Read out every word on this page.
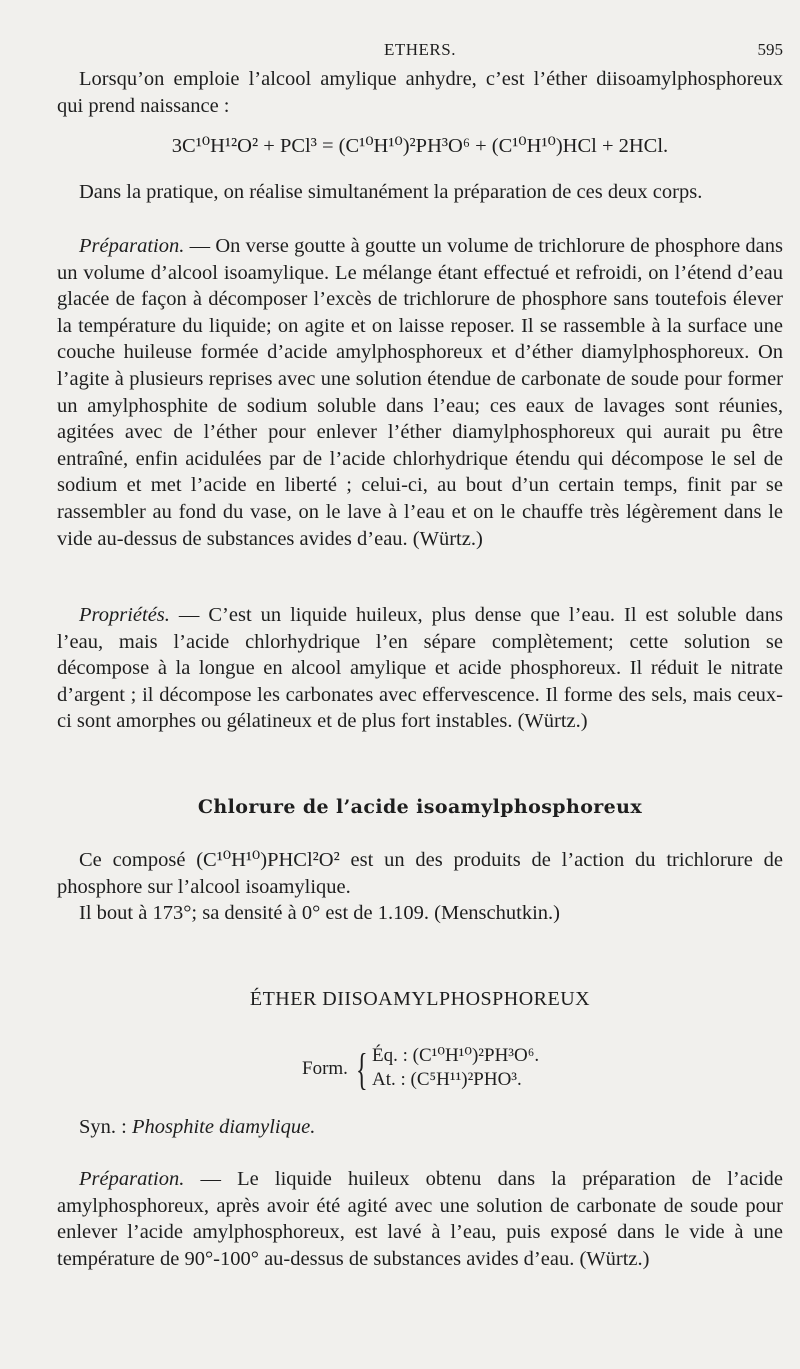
ETHERS.	595

Lorsqu’on emploie l’alcool amylique anhydre, c’est l’éther diisoamylphosphoreux qui prend naissance :

3C¹⁰H¹²O² + PCl³ = (C¹⁰H¹⁰)²PH³O⁶ + (C¹⁰H¹⁰)HCl + 2HCl.

Dans la pratique, on réalise simultanément la préparation de ces deux corps.

Préparation. — On verse goutte à goutte un volume de trichlorure de phosphore dans un volume d’alcool isoamylique. Le mélange étant effectué et refroidi, on l’étend d’eau glacée de façon à décomposer l’excès de trichlorure de phosphore sans toutefois élever la température du liquide; on agite et on laisse reposer. Il se rassemble à la surface une couche huileuse formée d’acide amylphosphoreux et d’éther diamylphosphoreux. On l’agite à plusieurs reprises avec une solution étendue de carbonate de soude pour former un amylphosphite de sodium soluble dans l’eau; ces eaux de lavages sont réunies, agitées avec de l’éther pour enlever l’éther diamylphosphoreux qui aurait pu être entraîné, enfin acidulées par de l’acide chlorhydrique étendu qui décompose le sel de sodium et met l’acide en liberté ; celui-ci, au bout d’un certain temps, finit par se rassembler au fond du vase, on le lave à l’eau et on le chauffe très légèrement dans le vide au-dessus de substances avides d’eau. (Würtz.)

Propriétés. — C’est un liquide huileux, plus dense que l’eau. Il est soluble dans l’eau, mais l’acide chlorhydrique l’en sépare complètement; cette solution se décompose à la longue en alcool amylique et acide phosphoreux. Il réduit le nitrate d’argent ; il décompose les carbonates avec effervescence. Il forme des sels, mais ceux-ci sont amorphes ou gélatineux et de plus fort instables. (Würtz.)

Chlorure de l’acide isoamylphosphoreux

Ce composé (C¹⁰H¹⁰)PHCl²O² est un des produits de l’action du trichlorure de phosphore sur l’alcool isoamylique.

Il bout à 173°; sa densité à 0° est de 1.109. (Menschutkin.)

ÉTHER DIISOAMYLPHOSPHOREUX
Form. { Éq. : (C¹⁰H¹⁰)²PH³O⁶.
At. : (C⁵H¹¹)²PHO³.

Syn. : Phosphite diamylique.

Préparation. — Le liquide huileux obtenu dans la préparation de l’acide amylphosphoreux, après avoir été agité avec une solution de carbonate de soude pour enlever l’acide amylphosphoreux, est lavé à l’eau, puis exposé dans le vide à une température de 90°-100° au-dessus de substances avides d’eau. (Würtz.)
